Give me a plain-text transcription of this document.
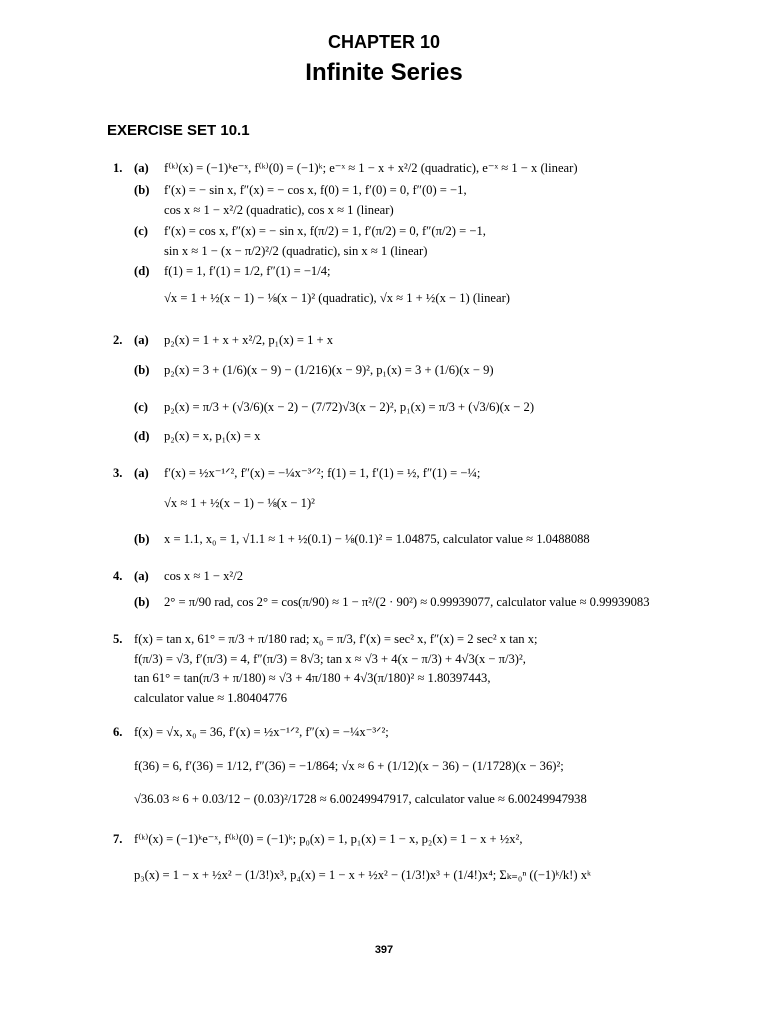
CHAPTER 10
Infinite Series
EXERCISE SET 10.1
1. (a) f⁽ᵏ⁾(x) = (−1)ᵏe⁻ˣ, f⁽ᵏ⁾(0) = (−1)ᵏ; e⁻ˣ ≈ 1 − x + x²/2 (quadratic), e⁻ˣ ≈ 1 − x (linear)
(b) f′(x) = − sin x, f″(x) = − cos x, f(0) = 1, f′(0) = 0, f″(0) = −1,
cos x ≈ 1 − x²/2 (quadratic), cos x ≈ 1 (linear)
(c) f′(x) = cos x, f″(x) = − sin x, f(π/2) = 1, f′(π/2) = 0, f″(π/2) = −1,
sin x ≈ 1 − (x − π/2)²/2 (quadratic), sin x ≈ 1 (linear)
(d) f(1) = 1, f′(1) = 1/2, f″(1) = −1/4;
√x = 1 + ½(x − 1) − ⅛(x − 1)² (quadratic), √x ≈ 1 + ½(x − 1) (linear)
2. (a) p₂(x) = 1 + x + x²/2, p₁(x) = 1 + x
(b) p₂(x) = 3 + (1/6)(x − 9) − (1/216)(x − 9)², p₁(x) = 3 + (1/6)(x − 9)
(c) p₂(x) = π/3 + (√3/6)(x − 2) − (7/72)√3(x − 2)², p₁(x) = π/3 + (√3/6)(x − 2)
(d) p₂(x) = x, p₁(x) = x
3. (a) f′(x) = ½x⁻¹ᐟ², f″(x) = −¼x⁻³ᐟ²; f(1) = 1, f′(1) = ½, f″(1) = −¼;
√x ≈ 1 + ½(x − 1) − ⅛(x − 1)²
(b) x = 1.1, x₀ = 1, √1.1 ≈ 1 + ½(0.1) − ⅛(0.1)² = 1.04875, calculator value ≈ 1.0488088
4. (a) cos x ≈ 1 − x²/2
(b) 2° = π/90 rad, cos 2° = cos(π/90) ≈ 1 − π²/(2 · 90²) ≈ 0.99939077, calculator value ≈ 0.99939083
5. f(x) = tan x, 61° = π/3 + π/180 rad; x₀ = π/3, f′(x) = sec² x, f″(x) = 2 sec² x tan x;
f(π/3) = √3, f′(π/3) = 4, f″(π/3) = 8√3; tan x ≈ √3 + 4(x − π/3) + 4√3(x − π/3)²,
tan 61° = tan(π/3 + π/180) ≈ √3 + 4π/180 + 4√3(π/180)² ≈ 1.80397443,
calculator value ≈ 1.80404776
6. f(x) = √x, x₀ = 36, f′(x) = ½x⁻¹ᐟ², f″(x) = −¼x⁻³ᐟ²;
f(36) = 6, f′(36) = 1/12, f″(36) = −1/864; √x ≈ 6 + (1/12)(x − 36) − (1/1728)(x − 36)²;
√36.03 ≈ 6 + 0.03/12 − (0.03)²/1728 ≈ 6.00249947917, calculator value ≈ 6.00249947938
7. f⁽ᵏ⁾(x) = (−1)ᵏe⁻ˣ, f⁽ᵏ⁾(0) = (−1)ᵏ; p₀(x) = 1, p₁(x) = 1 − x, p₂(x) = 1 − x + ½x²,
p₃(x) = 1 − x + ½x² − (1/3!)x³, p₄(x) = 1 − x + ½x² − (1/3!)x³ + (1/4!)x⁴; Σₖ₌₀ⁿ ((−1)ᵏ/k!) xᵏ
397
